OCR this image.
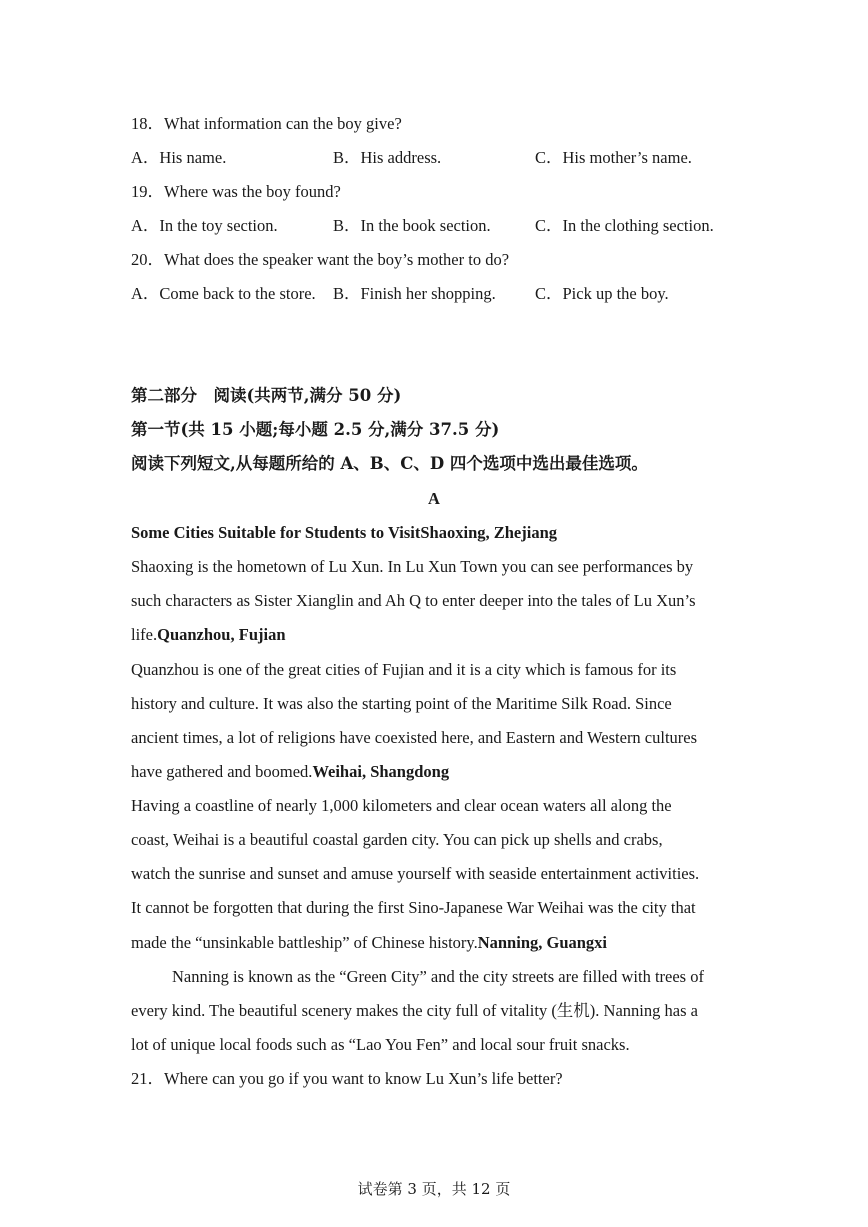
18．What information can the boy give?
A．His name.	B．His address.	C．His mother’s name.
19．Where was the boy found?
A．In the toy section.	B．In the book section.	C．In the clothing section.
20．What does the speaker want the boy’s mother to do?
A．Come back to the store. B．Finish her shopping. C．Pick up the boy.
第二部分　阅读(共两节,满分 50 分)
第一节(共 15 小题;每小题 2.5 分,满分 37.5 分)
阅读下列短文,从每题所给的 A、B、C、D 四个选项中选出最佳选项。
A
Some Cities Suitable for Students to VisitShaoxing, Zhejiang
Shaoxing is the hometown of Lu Xun. In Lu Xun Town you can see performances by
such characters as Sister Xianglin and Ah Q to enter deeper into the tales of Lu Xun’s
life.Quanzhou, Fujian
Quanzhou is one of the great cities of Fujian and it is a city which is famous for its
history and culture. It was also the starting point of the Maritime Silk Road. Since
ancient times, a lot of religions have coexisted here, and Eastern and Western cultures
have gathered and boomed.Weihai, Shangdong
Having a coastline of nearly 1,000 kilometers and clear ocean waters all along the
coast, Weihai is a beautiful coastal garden city. You can pick up shells and crabs,
watch the sunrise and sunset and amuse yourself with seaside entertainment activities.
It cannot be forgotten that during the first Sino-Japanese War Weihai was the city that
made the “unsinkable battleship” of Chinese history.Nanning, Guangxi
Nanning is known as the “Green City” and the city streets are filled with trees of
every kind. The beautiful scenery makes the city full of vitality (生机). Nanning has a
lot of unique local foods such as “Lao You Fen” and local sour fruit snacks.
21．Where can you go if you want to know Lu Xun’s life better?
试卷第 3 页，共 12 页
